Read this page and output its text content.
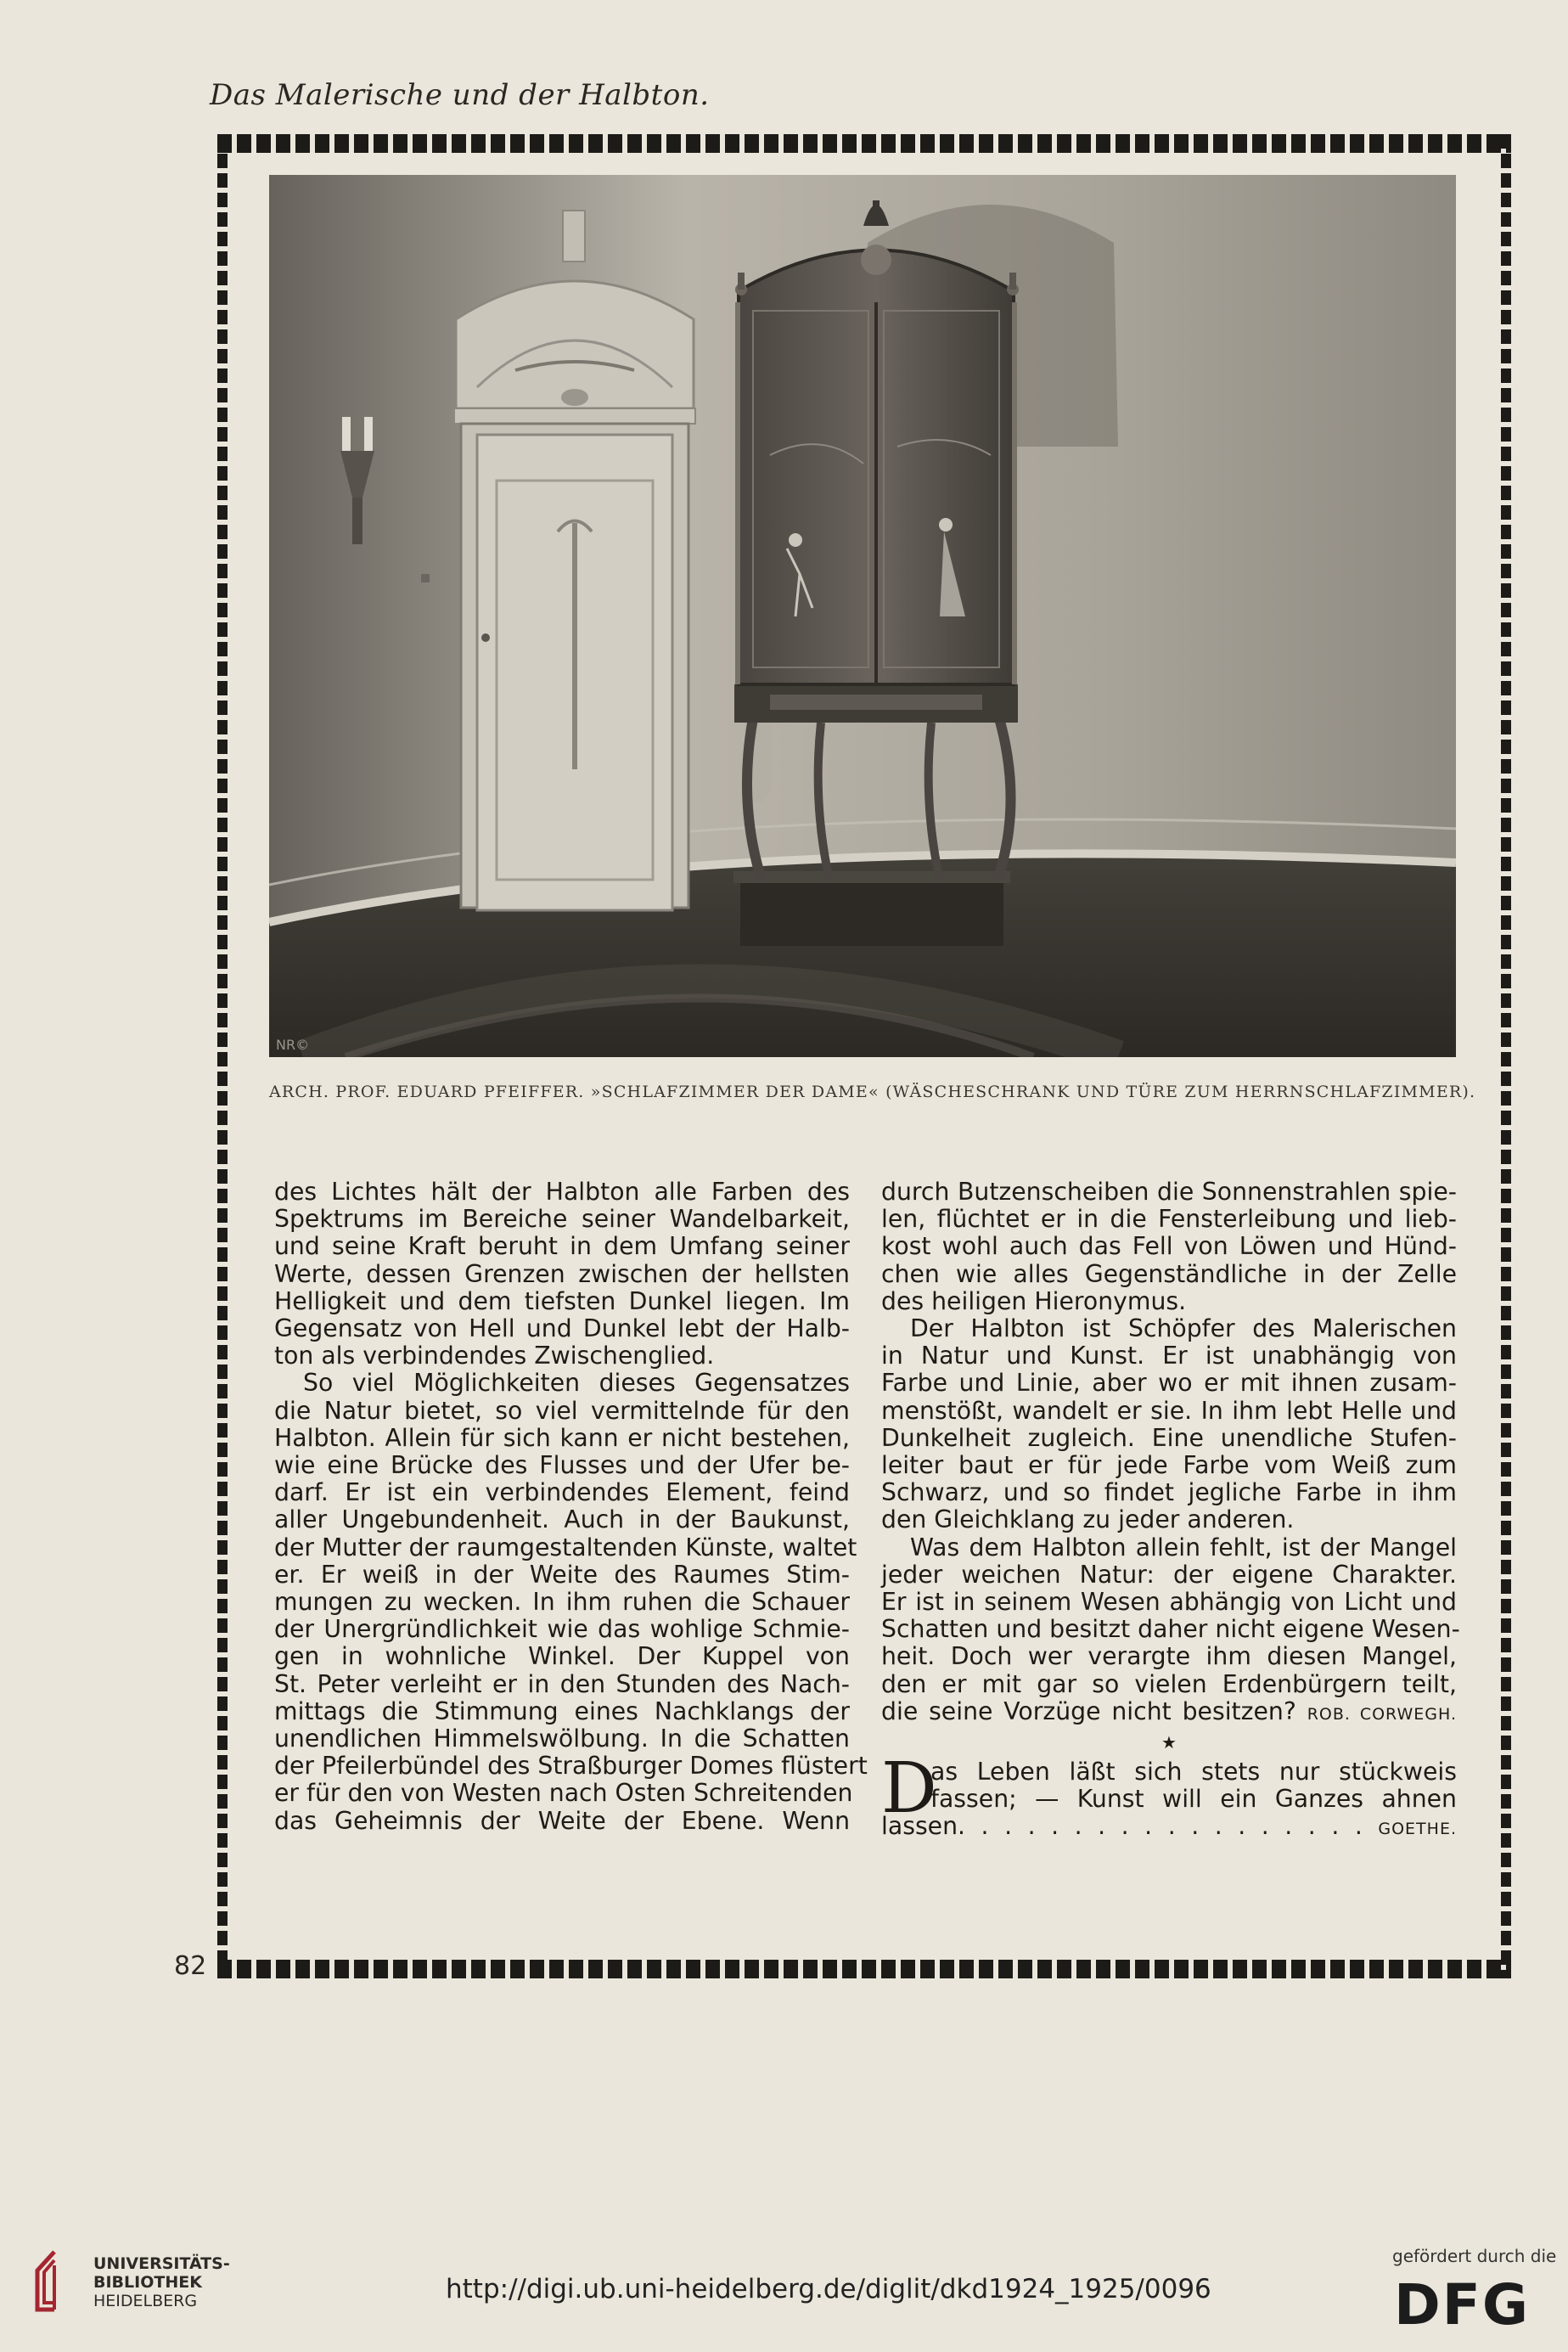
Das Malerische und der Halbton.
82
NR©
ARCH. PROF. EDUARD PFEIFFER. »SCHLAFZIMMER DER DAME« (WÄSCHESCHRANK UND TÜRE ZUM HERRNSCHLAFZIMMER).
des Lichtes hält der Halbton alle Farben des
Spektrums im Bereiche seiner Wandelbarkeit,
und seine Kraft beruht in dem Umfang seiner
Werte, dessen Grenzen zwischen der hellsten
Helligkeit und dem tiefsten Dunkel liegen. Im
Gegensatz von Hell und Dunkel lebt der Halb-
ton als verbindendes Zwischenglied.
So viel Möglichkeiten dieses Gegensatzes
die Natur bietet, so viel vermittelnde für den
Halbton. Allein für sich kann er nicht bestehen,
wie eine Brücke des Flusses und der Ufer be-
darf. Er ist ein verbindendes Element, feind
aller Ungebundenheit. Auch in der Baukunst,
der Mutter der raumgestaltenden Künste, waltet
er. Er weiß in der Weite des Raumes Stim-
mungen zu wecken. In ihm ruhen die Schauer
der Unergründlichkeit wie das wohlige Schmie-
gen in wohnliche Winkel. Der Kuppel von
St. Peter verleiht er in den Stunden des Nach-
mittags die Stimmung eines Nachklangs der
unendlichen Himmelswölbung. In die Schatten
der Pfeilerbündel des Straßburger Domes flüstert
er für den von Westen nach Osten Schreitenden
das Geheimnis der Weite der Ebene. Wenn
durch Butzenscheiben die Sonnenstrahlen spie-
len, flüchtet er in die Fensterleibung und lieb-
kost wohl auch das Fell von Löwen und Hünd-
chen wie alles Gegenständliche in der Zelle
des heiligen Hieronymus.
Der Halbton ist Schöpfer des Malerischen
in Natur und Kunst. Er ist unabhängig von
Farbe und Linie, aber wo er mit ihnen zusam-
menstößt, wandelt er sie. In ihm lebt Helle und
Dunkelheit zugleich. Eine unendliche Stufen-
leiter baut er für jede Farbe vom Weiß zum
Schwarz, und so findet jegliche Farbe in ihm
den Gleichklang zu jeder anderen.
Was dem Halbton allein fehlt, ist der Mangel
jeder weichen Natur: der eigene Charakter.
Er ist in seinem Wesen abhängig von Licht und
Schatten und besitzt daher nicht eigene Wesen-
heit. Doch wer verargte ihm diesen Mangel,
den er mit gar so vielen Erdenbürgern teilt,
die seine Vorzüge nicht besitzen? ROB. CORWEGH.
★
D
as Leben läßt sich stets nur stückweis
fassen; — Kunst will ein Ganzes ahnen
lassen. . . . . . . . . . . . . . . . . . GOETHE.
UNIVERSITÄTS-
BIBLIOTHEK
HEIDELBERG	http://digi.ub.uni-heidelberg.de/diglit/dkd1924_1925/0096
gefördert durch die
DFG
